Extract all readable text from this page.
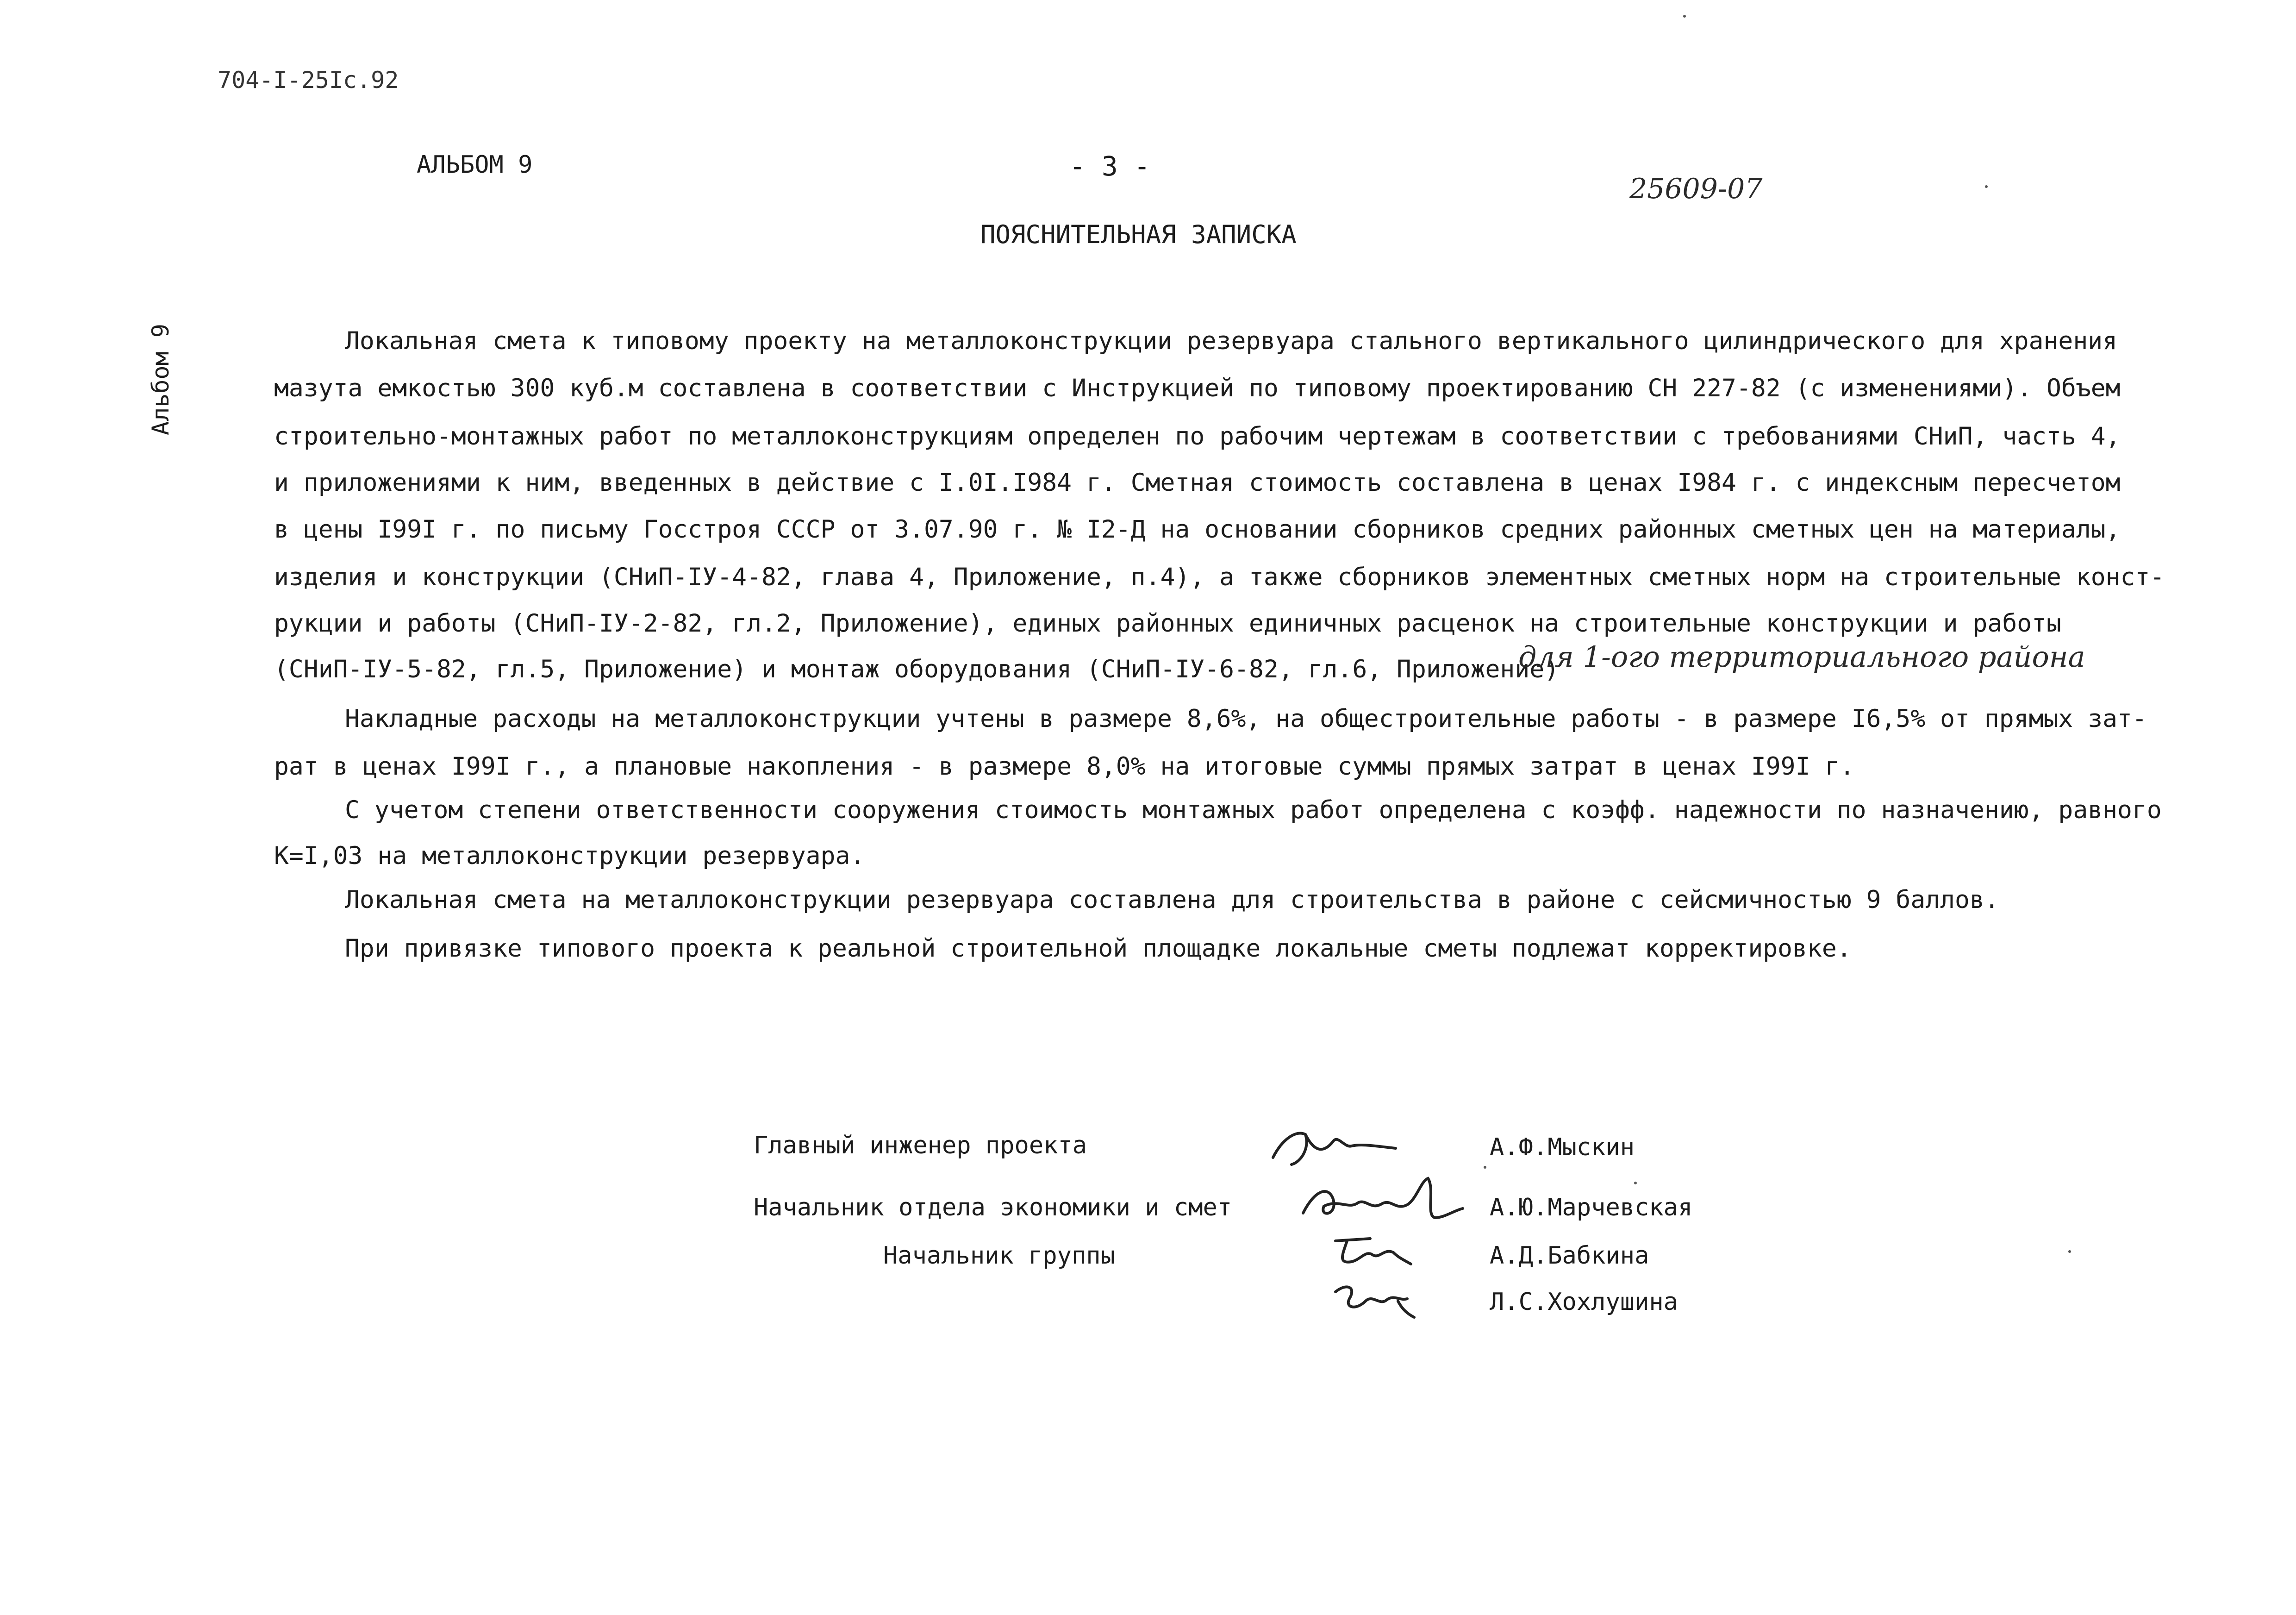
704-I-25Ic.92
АЛЬБОМ 9	- 3 -
25609-07
Альбом 9
ПОЯСНИТЕЛЬНАЯ ЗАПИСКА
Локальная смета к типовому проекту на металлоконструкции резервуара стального вертикального цилиндрического для хранения
мазута емкостью 300 куб.м составлена в соответствии с Инструкцией по типовому проектированию СН 227-82 (с изменениями). Объем
строительно-монтажных работ по металлоконструкциям определен по рабочим чертежам в соответствии с требованиями СНиП, часть 4,
и приложениями к ним, введенных в действие с I.0I.I984 г. Сметная стоимость составлена в ценах I984 г. с индексным пересчетом
в цены I99I г. по письму Госстроя СССР от 3.07.90 г. № I2-Д на основании сборников средних районных сметных цен на материалы,
изделия и конструкции (СНиП-IУ-4-82, глава 4, Приложение, п.4), а также сборников элементных сметных норм на строительные конст-
рукции и работы (СНиП-IУ-2-82, гл.2, Приложение), единых районных единичных расценок на строительные конструкции и работы
(СНиП-IУ-5-82, гл.5, Приложение) и монтаж оборудования (СНиП-IУ-6-82, гл.6, Приложение)
для 1-ого территориального района
Накладные расходы на металлоконструкции учтены в размере 8,6%, на общестроительные работы - в размере I6,5% от прямых зат-
рат в ценах I99I г., а плановые накопления - в размере 8,0% на итоговые суммы прямых затрат в ценах I99I г.
С учетом степени ответственности сооружения стоимость монтажных работ определена с коэфф. надежности по назначению, равного
К=I,03 на металлоконструкции резервуара.
Локальная смета на металлоконструкции резервуара составлена для строительства в районе с сейсмичностью 9 баллов.
При привязке типового проекта к реальной строительной площадке локальные сметы подлежат корректировке.
Главный инженер проекта
Начальник отдела экономики и смет
Начальник группы
А.Ф.Мыскин
А.Ю.Марчевская
А.Д.Бабкина
Л.С.Хохлушина
